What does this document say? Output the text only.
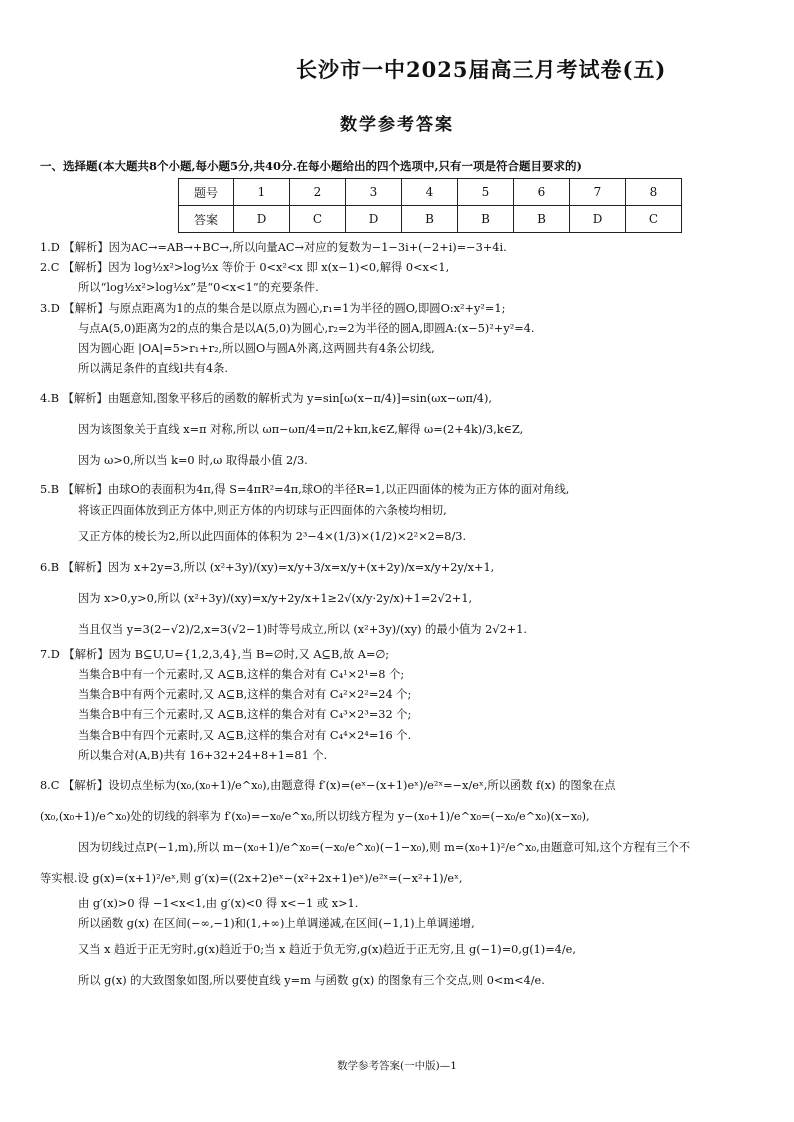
长沙市一中2025届高三月考试卷(五)
数学参考答案
一、选择题(本大题共8个小题,每小题5分,共40分.在每小题给出的四个选项中,只有一项是符合题目要求的)
题号	1	2	3	4	5	6	7	8
答案	D	C	D	B	B	B	D	C
1.D 【解析】因为AC→=AB→+BC→,所以向量AC→对应的复数为−1−3i+(−2+i)=−3+4i.
2.C 【解析】因为 log½x²>log½x 等价于 0<x²<x 即 x(x−1)<0,解得 0<x<1,
所以“log½x²>log½x”是“0<x<1”的充要条件.
3.D 【解析】与原点距离为1的点的集合是以原点为圆心,r₁=1为半径的圆O,即圆O:x²+y²=1;
与点A(5,0)距离为2的点的集合是以A(5,0)为圆心,r₂=2为半径的圆A,即圆A:(x−5)²+y²=4.
因为圆心距 |OA|=5>r₁+r₂,所以圆O与圆A外离,这两圆共有4条公切线,
所以满足条件的直线l共有4条.
4.B 【解析】由题意知,图象平移后的函数的解析式为 y=sin[ω(x−π/4)]=sin(ωx−ωπ/4),
因为该图象关于直线 x=π 对称,所以 ωπ−ωπ/4=π/2+kπ,k∈Z,解得 ω=(2+4k)/3,k∈Z,
因为 ω>0,所以当 k=0 时,ω 取得最小值 2/3.
5.B 【解析】由球O的表面积为4π,得 S=4πR²=4π,球O的半径R=1,以正四面体的棱为正方体的面对角线,
将该正四面体放到正方体中,则正方体的内切球与正四面体的六条棱均相切,
又正方体的棱长为2,所以此四面体的体积为 2³−4×(1/3)×(1/2)×2²×2=8/3.
6.B 【解析】因为 x+2y=3,所以 (x²+3y)/(xy)=x/y+3/x=x/y+(x+2y)/x=x/y+2y/x+1,
因为 x>0,y>0,所以 (x²+3y)/(xy)=x/y+2y/x+1≥2√(x/y·2y/x)+1=2√2+1,
当且仅当 y=3(2−√2)/2,x=3(√2−1)时等号成立,所以 (x²+3y)/(xy) 的最小值为 2√2+1.
7.D 【解析】因为 B⊆U,U={1,2,3,4},当 B=∅时,又 A⊆B,故 A=∅;
当集合B中有一个元素时,又 A⊆B,这样的集合对有 C₄¹×2¹=8 个;
当集合B中有两个元素时,又 A⊆B,这样的集合对有 C₄²×2²=24 个;
当集合B中有三个元素时,又 A⊆B,这样的集合对有 C₄³×2³=32 个;
当集合B中有四个元素时,又 A⊆B,这样的集合对有 C₄⁴×2⁴=16 个.
所以集合对(A,B)共有 16+32+24+8+1=81 个.
8.C 【解析】设切点坐标为(x₀,(x₀+1)/e^x₀),由题意得 f′(x)=(eˣ−(x+1)eˣ)/e²ˣ=−x/eˣ,所以函数 f(x) 的图象在点
(x₀,(x₀+1)/e^x₀)处的切线的斜率为 f′(x₀)=−x₀/e^x₀,所以切线方程为 y−(x₀+1)/e^x₀=(−x₀/e^x₀)(x−x₀),
因为切线过点P(−1,m),所以 m−(x₀+1)/e^x₀=(−x₀/e^x₀)(−1−x₀),则 m=(x₀+1)²/e^x₀,由题意可知,这个方程有三个不
等实根.设 g(x)=(x+1)²/eˣ,则 g′(x)=((2x+2)eˣ−(x²+2x+1)eˣ)/e²ˣ=(−x²+1)/eˣ,
由 g′(x)>0 得 −1<x<1,由 g′(x)<0 得 x<−1 或 x>1.
所以函数 g(x) 在区间(−∞,−1)和(1,+∞)上单调递减,在区间(−1,1)上单调递增,
又当 x 趋近于正无穷时,g(x)趋近于0;当 x 趋近于负无穷,g(x)趋近于正无穷,且 g(−1)=0,g(1)=4/e,
所以 g(x) 的大致图象如图,所以要使直线 y=m 与函数 g(x) 的图象有三个交点,则 0<m<4/e.
数学参考答案(一中版)—1
